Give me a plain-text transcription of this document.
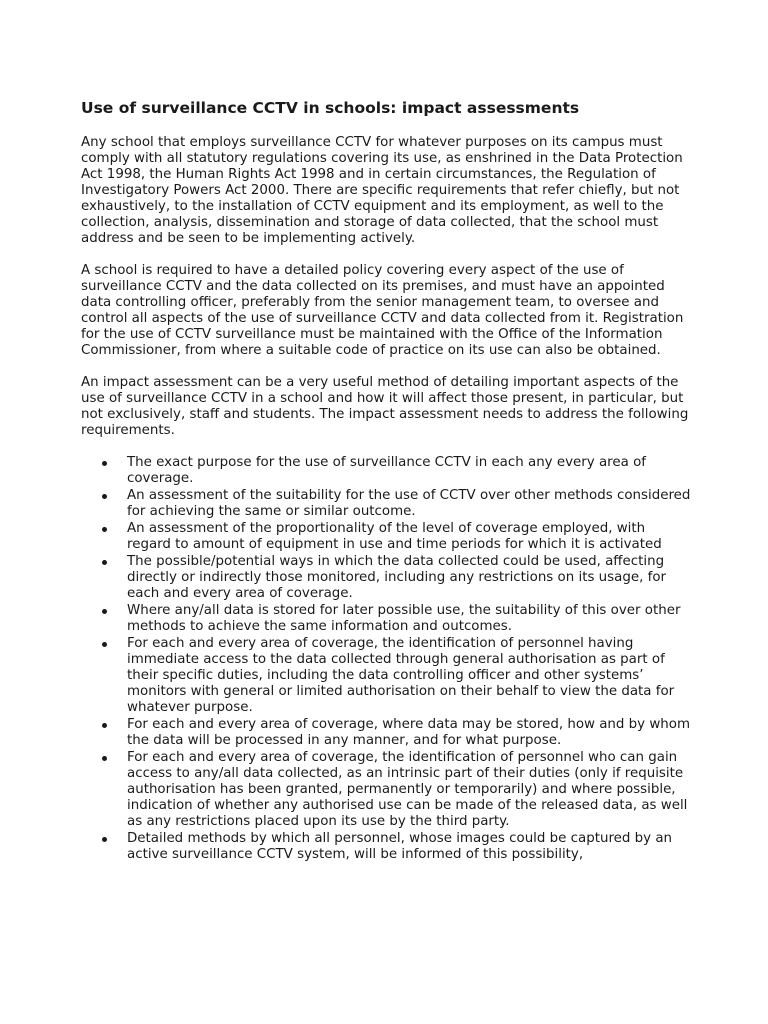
Use of surveillance CCTV in schools: impact assessments

Any school that employs surveillance CCTV for whatever purposes on its campus must comply with all statutory regulations covering its use, as enshrined in the Data Protection Act 1998, the Human Rights Act 1998 and in certain circumstances, the Regulation of Investigatory Powers Act 2000. There are specific requirements that refer chiefly, but not exhaustively, to the installation of CCTV equipment and its employment, as well to the collection, analysis, dissemination and storage of data collected, that the school must address and be seen to be implementing actively.

A school is required to have a detailed policy covering every aspect of the use of surveillance CCTV and the data collected on its premises, and must have an appointed data controlling officer, preferably from the senior management team, to oversee and control all aspects of the use of surveillance CCTV and data collected from it. Registration for the use of CCTV surveillance must be maintained with the Office of the Information Commissioner, from where a suitable code of practice on its use can also be obtained.

An impact assessment can be a very useful method of detailing important aspects of the use of surveillance CCTV in a school and how it will affect those present, in particular, but not exclusively, staff and students. The impact assessment needs to address the following requirements.

The exact purpose for the use of surveillance CCTV in each any every area of coverage.
An assessment of the suitability for the use of CCTV over other methods considered for achieving the same or similar outcome.
An assessment of the proportionality of the level of coverage employed, with regard to amount of equipment in use and time periods for which it is activated
The possible/potential ways in which the data collected could be used, affecting directly or indirectly those monitored, including any restrictions on its usage, for each and every area of coverage.
Where any/all data is stored for later possible use, the suitability of this over other methods to achieve the same information and outcomes.
For each and every area of coverage, the identification of personnel having immediate access to the data collected through general authorisation as part of their specific duties, including the data controlling officer and other systems’ monitors with general or limited authorisation on their behalf to view the data for whatever purpose.
For each and every area of coverage, where data may be stored, how and by whom the data will be processed in any manner, and for what purpose.
For each and every area of coverage, the identification of personnel who can gain access to any/all data collected, as an intrinsic part of their duties (only if requisite authorisation has been granted, permanently or temporarily) and where possible, indication of whether any authorised use can be made of the released data, as well as any restrictions placed upon its use by the third party.
Detailed methods by which all personnel, whose images could be captured by an active surveillance CCTV system, will be informed of this possibility,
